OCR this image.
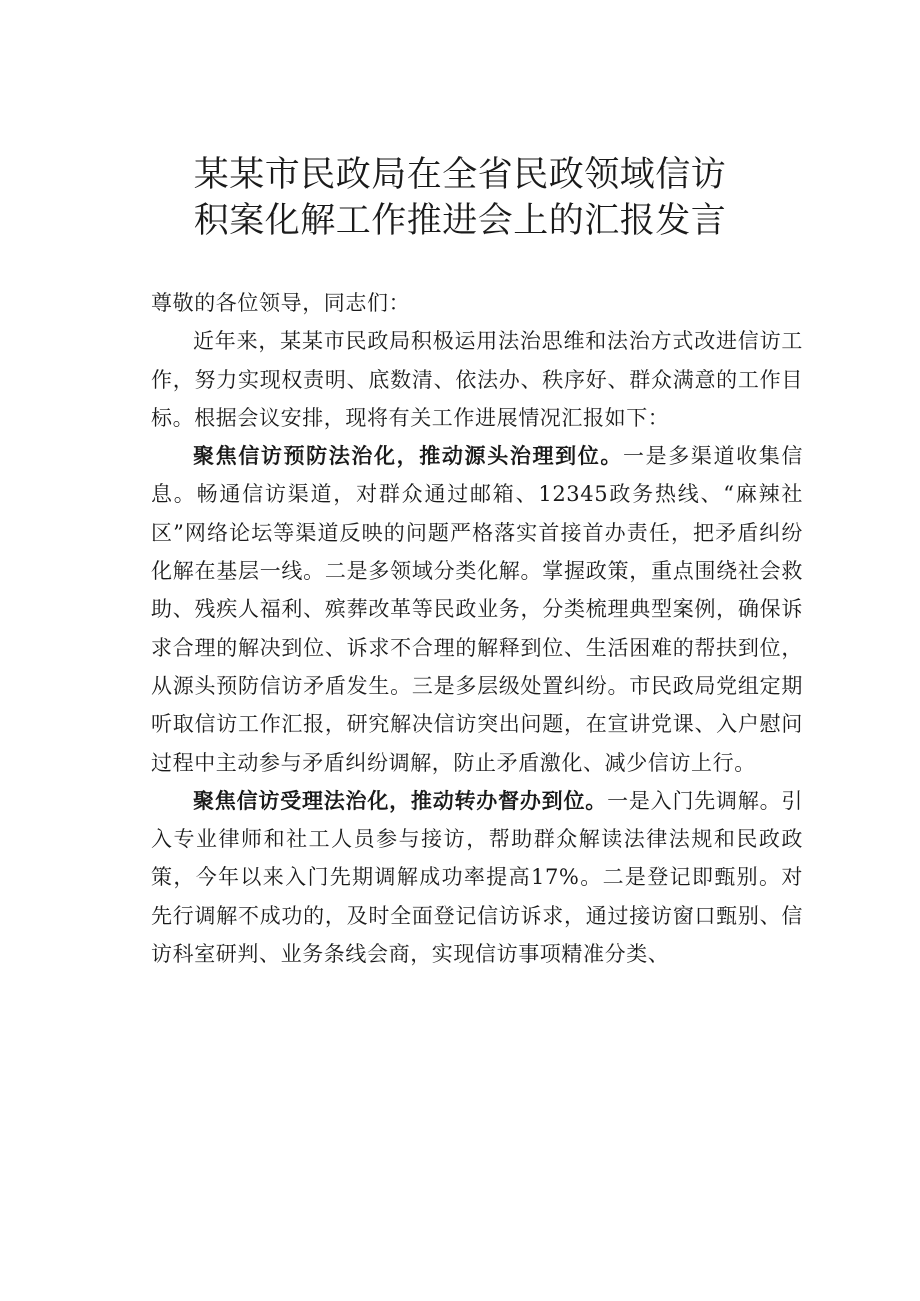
某某市民政局在全省民政领域信访
积案化解工作推进会上的汇报发言

尊敬的各位领导，同志们：

近年来，某某市民政局积极运用法治思维和法治方式改进信访工作，努力实现权责明、底数清、依法办、秩序好、群众满意的工作目标。根据会议安排，现将有关工作进展情况汇报如下：

聚焦信访预防法治化，推动源头治理到位。一是多渠道收集信息。畅通信访渠道，对群众通过邮箱、12345政务热线、“麻辣社区”网络论坛等渠道反映的问题严格落实首接首办责任，把矛盾纠纷化解在基层一线。二是多领域分类化解。掌握政策，重点围绕社会救助、残疾人福利、殡葬改革等民政业务，分类梳理典型案例，确保诉求合理的解决到位、诉求不合理的解释到位、生活困难的帮扶到位，从源头预防信访矛盾发生。三是多层级处置纠纷。市民政局党组定期听取信访工作汇报，研究解决信访突出问题，在宣讲党课、入户慰问过程中主动参与矛盾纠纷调解，防止矛盾激化、减少信访上行。

聚焦信访受理法治化，推动转办督办到位。一是入门先调解。引入专业律师和社工人员参与接访，帮助群众解读法律法规和民政政策，今年以来入门先期调解成功率提高17%。二是登记即甄别。对先行调解不成功的，及时全面登记信访诉求，通过接访窗口甄别、信访科室研判、业务条线会商，实现信访事项精准分类、
